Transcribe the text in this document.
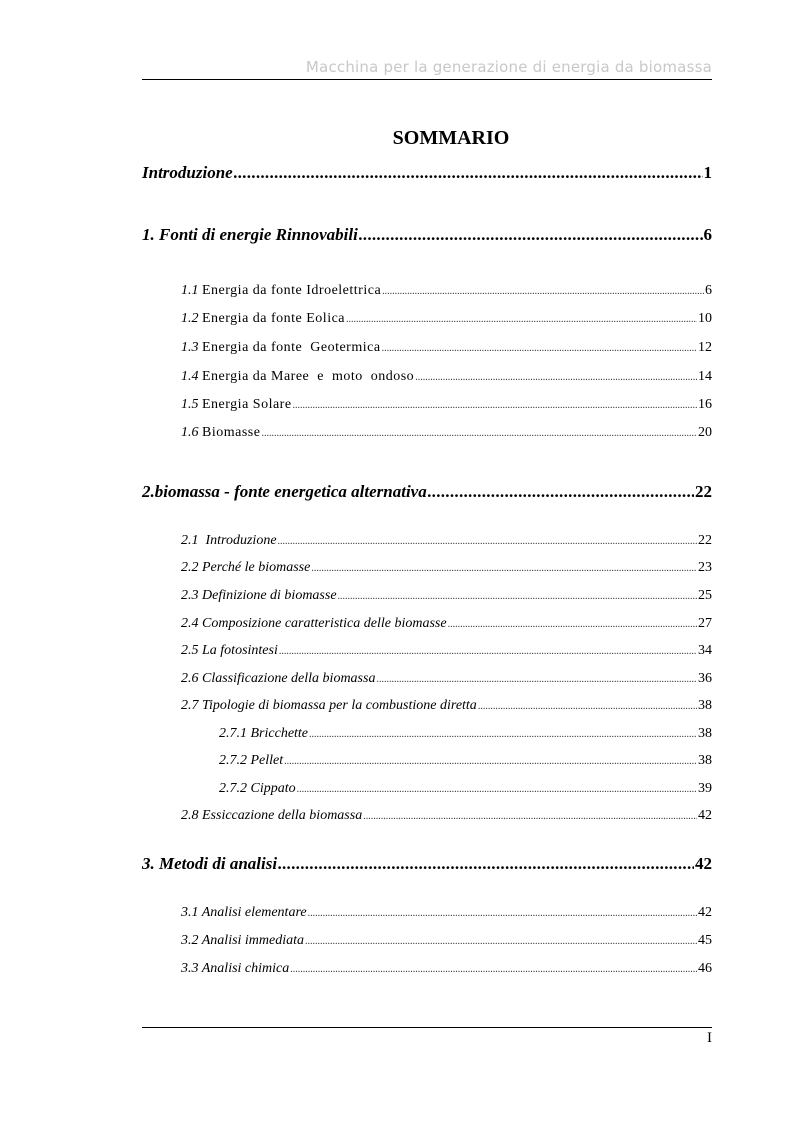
Macchina per la generazione di energia da biomassa
SOMMARIO
Introduzione .....	1
1. Fonti di energie Rinnovabili .....	6
1.1 Energia da fonte Idroelettrica .....	6
1.2 Energia da fonte Eolica .....	10
1.3 Energia da fonte  Geotermica .....	12
1.4 Energia da Maree  e  moto  ondoso .....	14
1.5 Energia Solare .....	16
1.6 Biomasse .....	20
2.biomassa - fonte energetica alternativa .....	22
2.1  Introduzione .....	22
2.2 Perché le biomasse .....	23
2.3 Definizione di biomasse .....	25
2.4 Composizione caratteristica delle biomasse .....	27
2.5 La fotosintesi .....	34
2.6 Classificazione della biomassa .....	36
2.7 Tipologie di biomassa per la combustione diretta .....	38
2.7.1 Bricchette .....	38
2.7.2 Pellet .....	38
2.7.2 Cippato .....	39
2.8 Essiccazione della biomassa .....	42
3. Metodi di analisi .....	42
3.1 Analisi elementare .....	42
3.2 Analisi immediata .....	45
3.3 Analisi chimica .....	46
I
